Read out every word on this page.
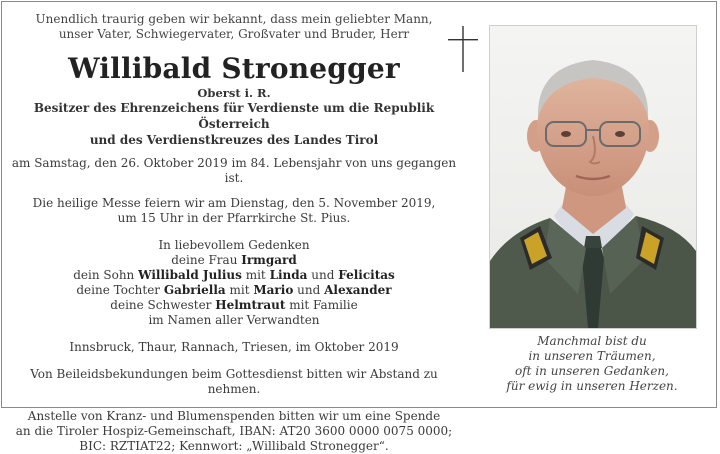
Unendlich traurig geben wir bekannt, dass mein geliebter Mann,

unser Vater, Schwiegervater, Großvater und Bruder, Herr

Willibald Stronegger

Oberst i. R.

Besitzer des Ehrenzeichens für Verdienste um die Republik Österreich

und des Verdienstkreuzes des Landes Tirol

am Samstag, den 26. Oktober 2019 im 84. Lebensjahr von uns gegangen ist.

Die heilige Messe feiern wir am Dienstag, den 5. November 2019,

um 15 Uhr in der Pfarrkirche St. Pius.

In liebevollem Gedenken

deine Frau Irmgard

dein Sohn Willibald Julius mit Linda und Felicitas

deine Tochter Gabriella mit Mario und Alexander

deine Schwester Helmtraut mit Familie

im Namen aller Verwandten

Innsbruck, Thaur, Rannach, Triesen, im Oktober 2019

Von Beileidsbekundungen beim Gottesdienst bitten wir Abstand zu nehmen.

Anstelle von Kranz- und Blumenspenden bitten wir um eine Spende

an die Tiroler Hospiz-Gemeinschaft, IBAN: AT20 3600 0000 0075 0000;

BIC: RZTIAT22; Kennwort: „Willibald Stronegger“.

Manchmal bist du
in unseren Träumen,
oft in unseren Gedanken,
für ewig in unseren Herzen.
